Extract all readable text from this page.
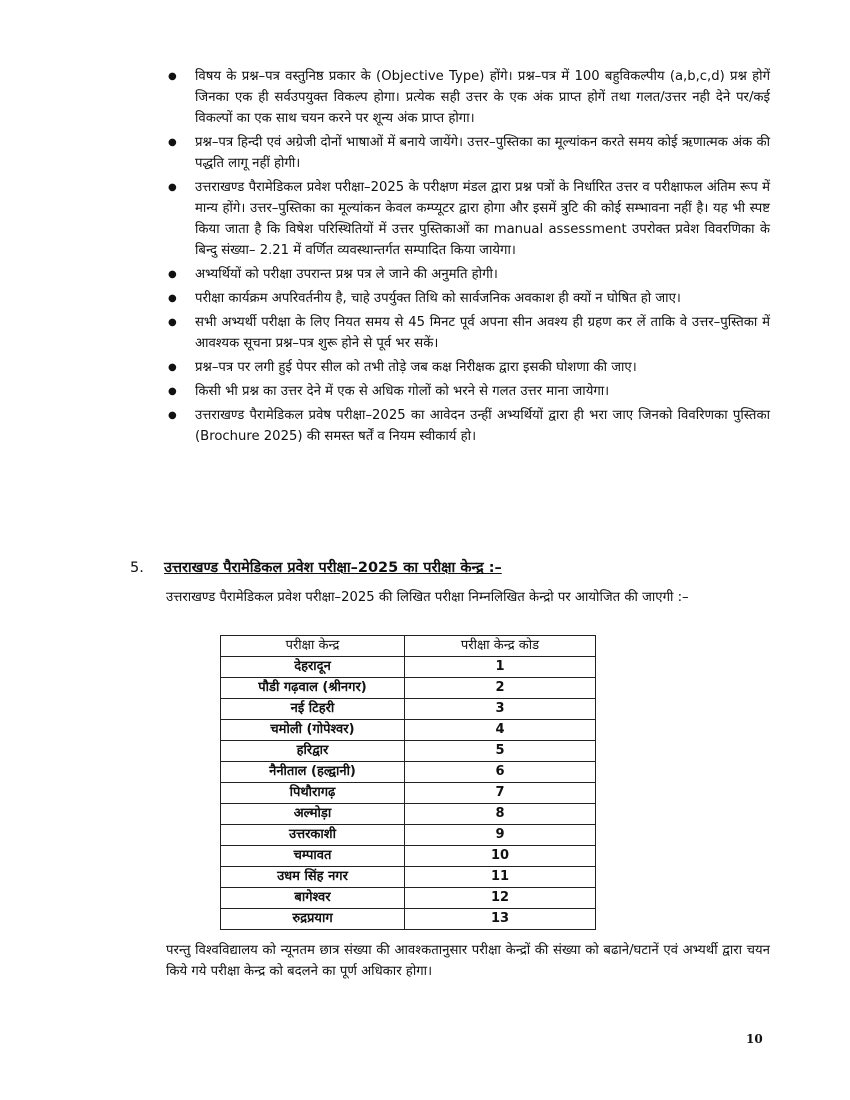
● विषय के प्रश्न–पत्र वस्तुनिष्ठ प्रकार के (Objective Type) होंगे। प्रश्न–पत्र में 100 बहुविकल्पीय (a,b,c,d) प्रश्न होगें जिनका एक ही सर्वउपयुक्त विकल्प होगा। प्रत्येक सही उत्तर के एक अंक प्राप्त होगें तथा गलत/उत्तर नही देने पर/कई विकल्पों का एक साथ चयन करने पर शून्य अंक प्राप्त होगा।
● प्रश्न–पत्र हिन्दी एवं अग्रेजी दोनों भाषाओं में बनाये जायेंगे। उत्तर–पुस्तिका का मूल्यांकन करते समय कोई ऋणात्मक अंक की पद्धति लागू नहीं होगी।
● उत्तराखण्ड पैरामेडिकल प्रवेश परीक्षा–2025 के परीक्षण मंडल द्वारा प्रश्न पत्रों के निर्धारित उत्तर व परीक्षाफल अंतिम रूप में मान्य होंगे। उत्तर–पुस्तिका का मूल्यांकन केवल कम्प्यूटर द्वारा होगा और इसमें त्रुटि की कोई सम्भावना नहीं है। यह भी स्पष्ट किया जाता है कि विषेश परिस्थितियों में उत्तर पुस्तिकाओं का manual assessment उपरोक्त प्रवेश विवरणिका के बिन्दु संख्या– 2.21 में वर्णित व्यवस्थान्तर्गत सम्पादित किया जायेगा।
● अभ्यर्थियों को परीक्षा उपरान्त प्रश्न पत्र ले जाने की अनुमति होगी।
● परीक्षा कार्यक्रम अपरिवर्तनीय है, चाहे उपर्युक्त तिथि को सार्वजनिक अवकाश ही क्यों न घोषित हो जाए।
● सभी अभ्यर्थी परीक्षा के लिए नियत समय से 45 मिनट पूर्व अपना सीन अवश्य ही ग्रहण कर लें ताकि वे उत्तर–पुस्तिका में आवश्यक सूचना प्रश्न–पत्र शुरू होने से पूर्व भर सकें।
● प्रश्न–पत्र पर लगी हुई पेपर सील को तभी तोड़े जब कक्ष निरीक्षक द्वारा इसकी घोशणा की जाए।
● किसी भी प्रश्न का उत्तर देने में एक से अधिक गोलों को भरने से गलत उत्तर माना जायेगा।
● उत्तराखण्ड पैरामेडिकल प्रवेष परीक्षा–2025 का आवेदन उन्हीं अभ्यर्थियों द्वारा ही भरा जाए जिनको विवरिणका पुस्तिका (Brochure 2025) की समस्त षर्तें व नियम स्वीकार्य हो।
5. उत्तराखण्ड पैरामेडिकल प्रवेश परीक्षा–2025 का परीक्षा केन्द्र :–
उत्तराखण्ड पैरामेडिकल प्रवेश परीक्षा–2025 की लिखित परीक्षा निम्नलिखित केन्द्रो पर आयोजित की जाएगी :–
परीक्षा केन्द्र	परीक्षा केन्द्र कोड
देहरादून	1
पौडी गढ़वाल (श्रीनगर)	2
नई टिहरी	3
चमोली (गोपेश्वर)	4
हरिद्वार	5
नैनीताल (हल्द्वानी)	6
पिथौरागढ़	7
अल्मोड़ा	8
उत्तरकाशी	9
चम्पावत	10
उधम सिंह नगर	11
बागेश्वर	12
रुद्रप्रयाग	13
परन्तु विश्वविद्यालय को न्यूनतम छात्र संख्या की आवश्कतानुसार परीक्षा केन्द्रों की संख्या को बढाने/घटानें एवं अभ्यर्थी द्वारा चयन किये गये परीक्षा केन्द्र को बदलने का पूर्ण अधिकार होगा।
10
